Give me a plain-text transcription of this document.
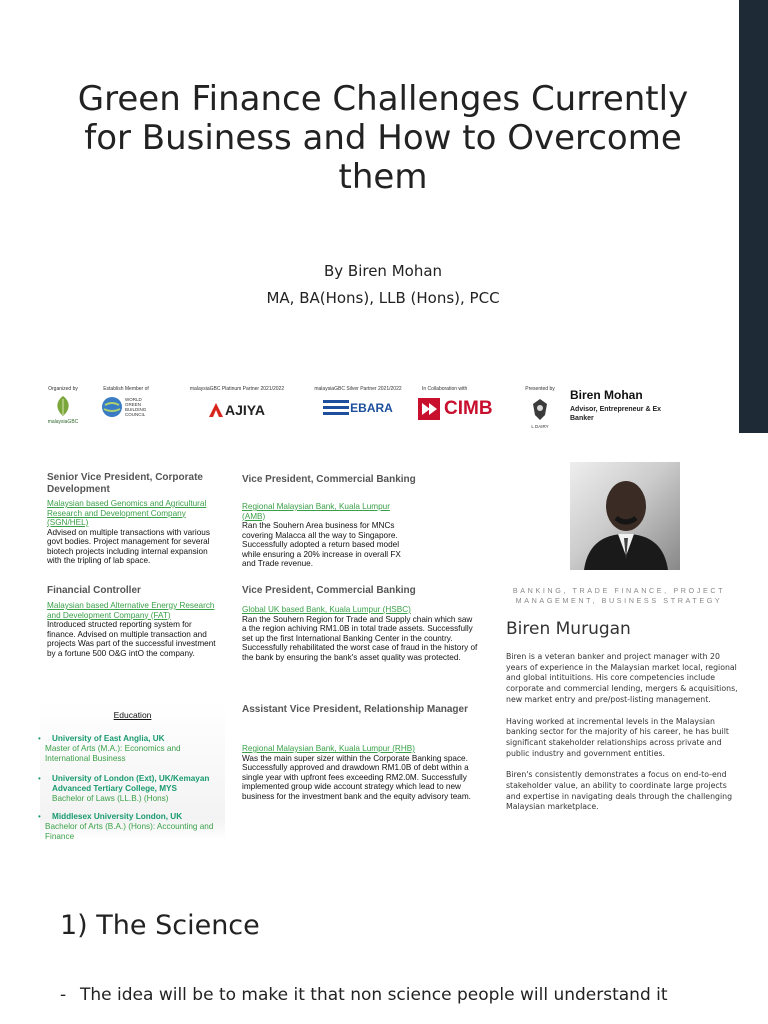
Green Finance Challenges Currently for Business and How to Overcome them
By Biren Mohan
MA, BA(Hons), LLB (Hons), PCC
Organized by
malaysiaGBC
Establish Member of
WORLD GREEN BUILDING COUNCIL
malaysiaGBC Platinum Partner 2021/2022
AJIYA
malaysiaGBC Silver Partner 2021/2022
EBARA
In Collaboration with
CIMB
Presented by
L DAIRY
Biren Mohan
Advisor, Entrepreneur & Ex Banker
Senior Vice President, Corporate Development
Malaysian based Genomics and Agricultural Research and Development Company (SGN/HEL)
Advised on multiple transactions with various govt bodies. Project management for several biotech projects including internal expansion with the tripling of lab space.
Financial Controller
Malaysian based Alternative Energy Research and Development Company (FAT)
Introduced structed reporting system for finance. Advised on multiple transaction and projects Was part of the successful investment by a fortune 500 O&G intO the company.
Education
• University of East Anglia, UK
Master of Arts (M.A.): Economics and International Business
• University of London (Ext), UK/Kemayan Advanced Tertiary College, MYS
Bachelor of Laws (LL.B.) (Hons)
• Middlesex University London, UK
Bachelor of Arts (B.A.) (Hons): Accounting and Finance
Vice President, Commercial Banking
Regional Malaysian Bank, Kuala Lumpur (AMB)
Ran the Souhern Area business for MNCs covering Malacca all the way to Singapore. Successfully adopted a return based model while ensuring a 20% increase in overall FX and Trade revenue.
Vice President, Commercial Banking
Global UK based Bank, Kuala Lumpur (HSBC)
Ran the Souhern Region for Trade and Supply chain which saw a the region achiving RM1.0B in total trade assets. Successfully set up the first International Banking Center in the country. Successfully rehabilitated the worst case of fraud in the history of the bank by ensuring the bank's asset quality was protected.
Assistant Vice President, Relationship Manager
Regional Malaysian Bank, Kuala Lumpur (RHB)
Was the main super sizer within the Corporate Banking space. Successfully approved and drawdown RM1.0B of debt within a single year with upfront fees exceeding RM2.0M. Successfully implemented group wide account strategy which lead to new business for the investment bank and the equity advisory team.
BANKING, TRADE FINANCE, PROJECT MANAGEMENT, BUSINESS STRATEGY
Biren Murugan
Biren is a veteran banker and project manager with 20 years of experience in the Malaysian market local, regional and global intituitions. His core competencies include corporate and commercial lending, mergers & acquisitions, new market entry and pre/post-listing management.
Having worked at incremental levels in the Malaysian banking sector for the majority of his career, he has built significant stakeholder relationships across private and public industry and government entities.
Biren's consistently demonstrates a focus on end-to-end stakeholder value, an ability to coordinate large projects and expertise in navigating deals through the challenging Malaysian marketplace.
1) The Science
- The idea will be to make it that non science people will understand it
